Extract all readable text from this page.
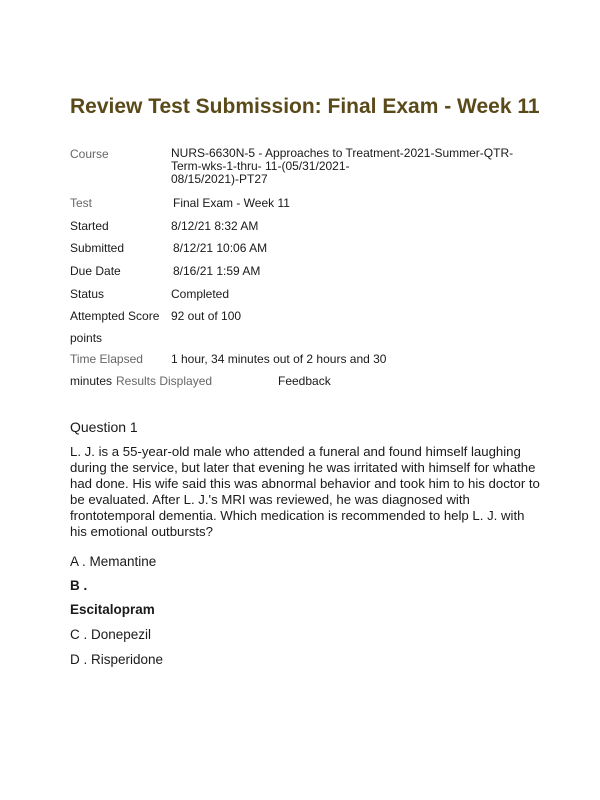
Review Test Submission: Final Exam - Week 11
Course	NURS-6630N-5 - Approaches to Treatment-2021-Summer-QTR-
Term-wks-1-thru- 11-(05/31/2021-
08/15/2021)-PT27
Test	Final Exam - Week 11
Started	8/12/21 8:32 AM
Submitted	8/12/21 10:06 AM
Due Date	8/16/21 1:59 AM
Status	Completed
Attempted Score 92 out of 100
points
Time Elapsed	1 hour, 34 minutes out of 2 hours and 30
minutes Results Displayed	Feedback
Question 1
L. J. is a 55-year-old male who attended a funeral and found himself laughing during the service, but later that evening he was irritated with himself for whathe had done. His wife said this was abnormal behavior and took him to his doctor to be evaluated. After L. J.'s MRI was reviewed, he was diagnosed with frontotemporal dementia. Which medication is recommended to help L. J. with his emotional outbursts?
A . Memantine
B .
Escitalopram
C . Donepezil
D . Risperidone
